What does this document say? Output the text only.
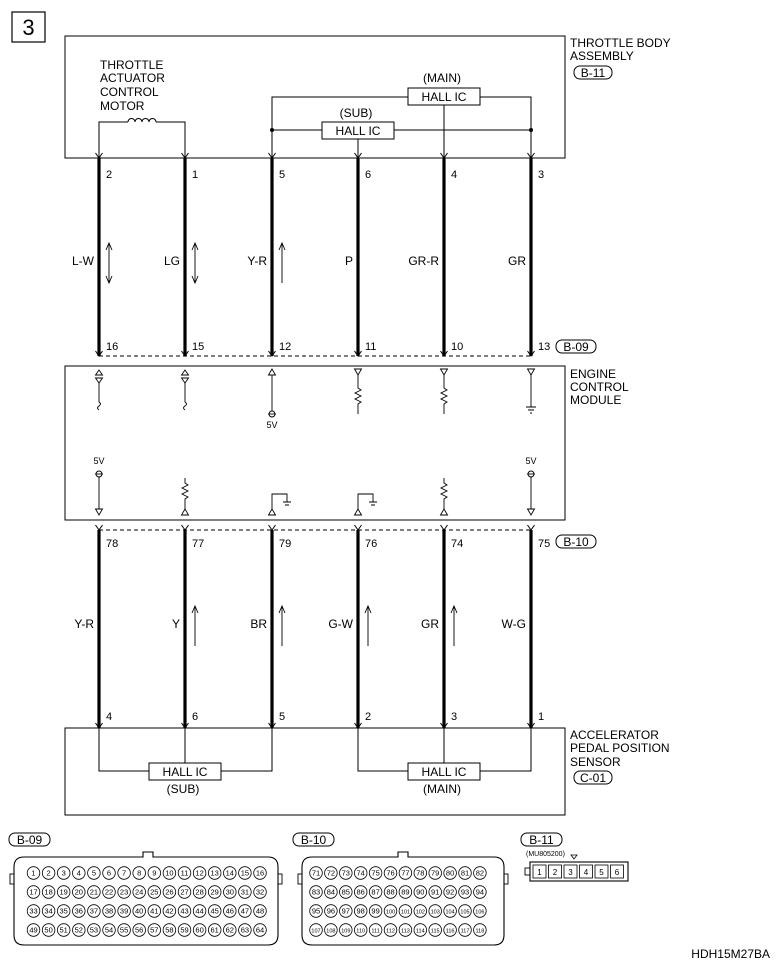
3
THROTTLE BODY
ASSEMBLY
B-11
THROTTLE
ACTUATOR
CONTROL
MOTOR
(MAIN)
HALL IC
(SUB)
HALL IC
2
16
L-W
1
15
LG
5
12
Y-R
6
11
P
4
10
GR-R
3
13
GR
B-09
ENGINE
CONTROL
MODULE
5V
5V	5V
B-10
78
4
Y-R
77
6
Y
79
5
BR
76
2
G-W
74
3
GR
75
1
W-G
ACCELERATOR
PEDAL POSITION
SENSOR
C-01
HALL IC
(SUB)
HALL IC
(MAIN)
B-09
1 2 3 4 5 6 7 8 9 10 11 12 13 14 15 16
17 18 19 20 21 22 23 24 25 26 27 28 29 30 31 32
33 34 35 36 37 38 39 40 41 42 43 44 45 46 47 48
49 50 51 52 53 54 55 56 57 58 59 60 61 62 63 64
B-10
71 72 73 74 75 76 77 78 79 80 81 82
83 84 85 86 87 88 89 90 91 92 93 94
95 96 97 98 99 100 101 102 103 104 105 106
107 108 109 110 111 112 113 114 115 116 117 118
B-11
(MU805200)
1 2 3 4 5 6
HDH15M27BA
